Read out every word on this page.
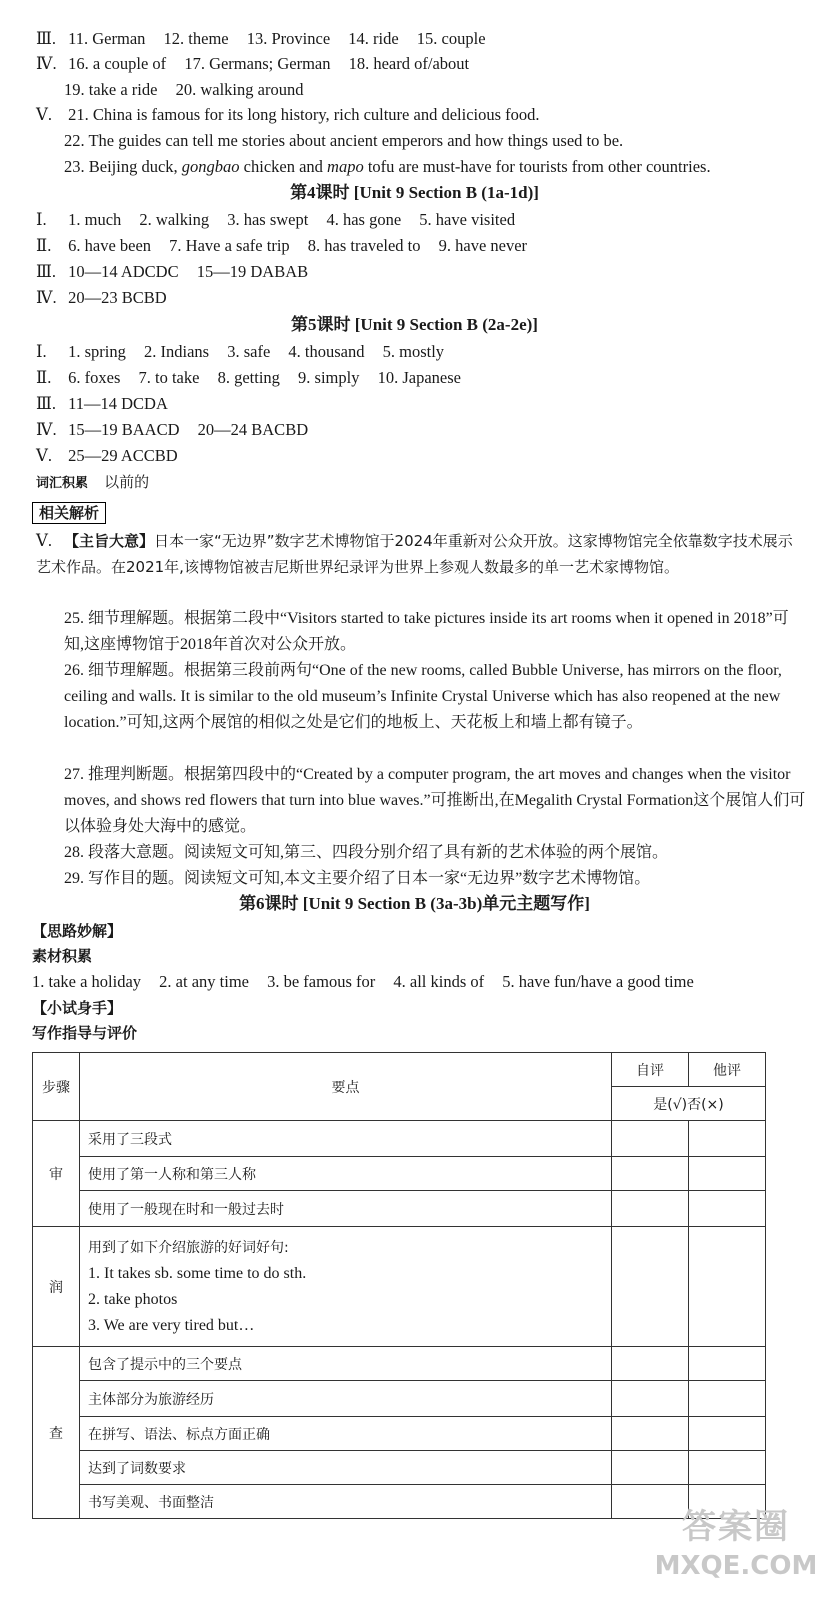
Ⅲ. 11. German 12. theme 13. Province 14. ride 15. couple
Ⅳ. 16. a couple of 17. Germans; German 18. heard of/about
19. take a ride 20. walking around
Ⅴ. 21. China is famous for its long history, rich culture and delicious food.
22. The guides can tell me stories about ancient emperors and how things used to be.
23. Beijing duck, gongbao chicken and mapo tofu are must-have for tourists from other countries.
第4课时 [Unit 9 Section B (1a-1d)]
Ⅰ. 1. much 2. walking 3. has swept 4. has gone 5. have visited
Ⅱ. 6. have been 7. Have a safe trip 8. has traveled to 9. have never
Ⅲ. 10—14 ADCDC 15—19 DABAB
Ⅳ. 20—23 BCBD
第5课时 [Unit 9 Section B (2a-2e)]
Ⅰ. 1. spring 2. Indians 3. safe 4. thousand 5. mostly
Ⅱ. 6. foxes 7. to take 8. getting 9. simply 10. Japanese
Ⅲ. 11—14 DCDA
Ⅳ. 15—19 BAACD 20—24 BACBD
Ⅴ. 25—29 ACCBD
词汇积累 以前的
相关解析
Ⅴ. 【主旨大意】日本一家“无边界”数字艺术博物馆于2024年重新对公众开放。这家博物馆完全依靠数字技术展示艺术作品。在2021年,该博物馆被吉尼斯世界纪录评为世界上参观人数最多的单一艺术家博物馆。
25. 细节理解题。根据第二段中“Visitors started to take pictures inside its art rooms when it opened in 2018”可知,这座博物馆于2018年首次对公众开放。
26. 细节理解题。根据第三段前两句“One of the new rooms, called Bubble Universe, has mirrors on the floor, ceiling and walls. It is similar to the old museum’s Infinite Crystal Universe which has also reopened at the new location.”可知,这两个展馆的相似之处是它们的地板上、天花板上和墙上都有镜子。
27. 推理判断题。根据第四段中的“Created by a computer program, the art moves and changes when the visitor moves, and shows red flowers that turn into blue waves.”可推断出,在Megalith Crystal Formation这个展馆人们可以体验身处大海中的感觉。
28. 段落大意题。阅读短文可知,第三、四段分别介绍了具有新的艺术体验的两个展馆。
29. 写作目的题。阅读短文可知,本文主要介绍了日本一家“无边界”数字艺术博物馆。
第6课时 [Unit 9 Section B (3a-3b)单元主题写作]
【思路妙解】
素材积累
1. take a holiday 2. at any time 3. be famous for 4. all kinds of 5. have fun/have a good time
【小试身手】
写作指导与评价
步骤	要点	自评	他评
		是(√)否(×)	
审	采用了三段式		
	使用了第一人称和第三人称		
	使用了一般现在时和一般过去时		
润	用到了如下介绍旅游的好词好句:
1. It takes sb. some time to do sth.
2. take photos
3. We are very tired but…		

查	包含了提示中的三个要点		
	主体部分为旅游经历		
	在拼写、语法、标点方面正确		
	达到了词数要求		
	书写美观、书面整洁		
答案圈
MXQE.COM
